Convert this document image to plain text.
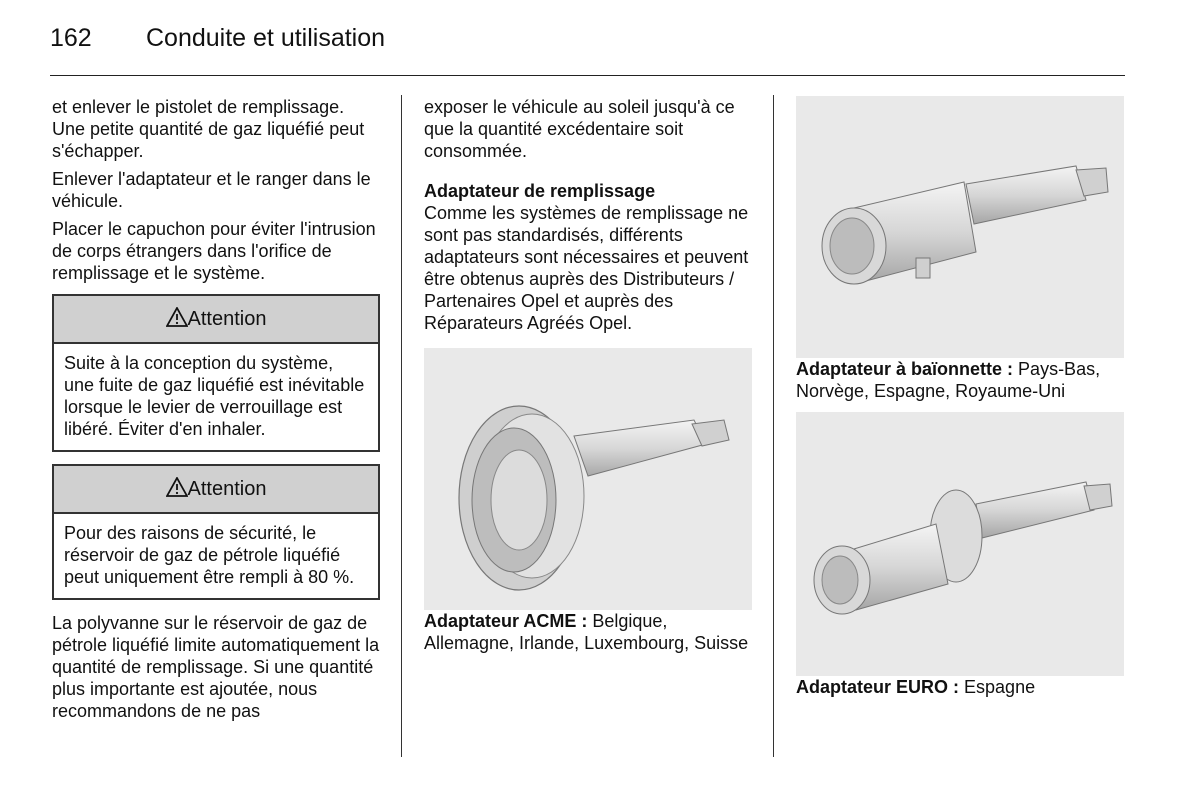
162 Conduite et utilisation

et enlever le pistolet de remplissage. Une petite quantité de gaz liquéfié peut s'échapper.

Enlever l'adaptateur et le ranger dans le véhicule.

Placer le capuchon pour éviter l'intrusion de corps étrangers dans l'orifice de remplissage et le système.

Attention
Suite à la conception du système, une fuite de gaz liquéfié est inévitable lorsque le levier de verrouillage est libéré. Éviter d'en inhaler.
Attention
Pour des raisons de sécurité, le réservoir de gaz de pétrole liquéfié peut uniquement être rempli à 80 %.

La polyvanne sur le réservoir de gaz de pétrole liquéfié limite automatiquement la quantité de remplissage. Si une quantité plus importante est ajoutée, nous recommandons de ne pas

exposer le véhicule au soleil jusqu'à ce que la quantité excédentaire soit consommée.

Adaptateur de remplissage

Comme les systèmes de remplissage ne sont pas standardisés, différents adaptateurs sont nécessaires et peuvent être obtenus auprès des Distributeurs / Partenaires Opel et auprès des Réparateurs Agréés Opel.

Adaptateur ACME : Belgique, Allemagne, Irlande, Luxembourg, Suisse

Adaptateur à baïonnette : Pays-Bas, Norvège, Espagne, Royaume-Uni

Adaptateur EURO : Espagne
